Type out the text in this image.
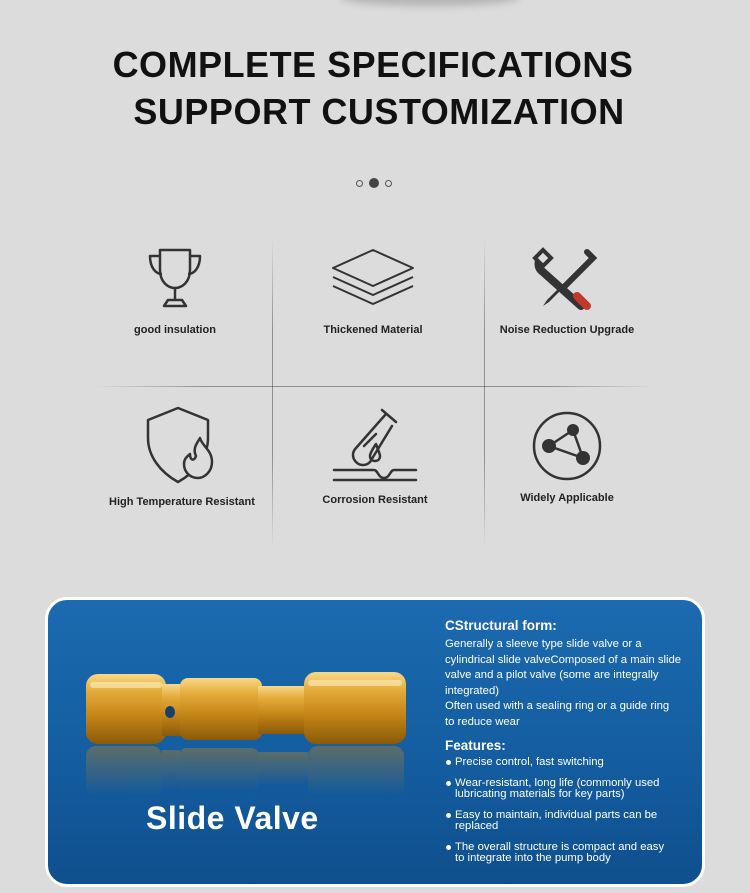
COMPLETE SPECIFICATIONS
SUPPORT CUSTOMIZATION
good insulation	Thickened Material	Noise Reduction Upgrade
High Temperature Resistant	Corrosion Resistant	Widely Applicable
Slide Valve
CStructural form:

Generally a sleeve type slide valve or a
cylindrical slide valveComposed of a main slide
valve and a pilot valve (some are integrally
integrated)
Often used with a sealing ring or a guide ring
to reduce wear

Features:
Precise control, fast switching
Wear-resistant, long life (commonly used
lubricating materials for key parts)
Easy to maintain, individual parts can be
replaced
The overall structure is compact and easy
to integrate into the pump body
